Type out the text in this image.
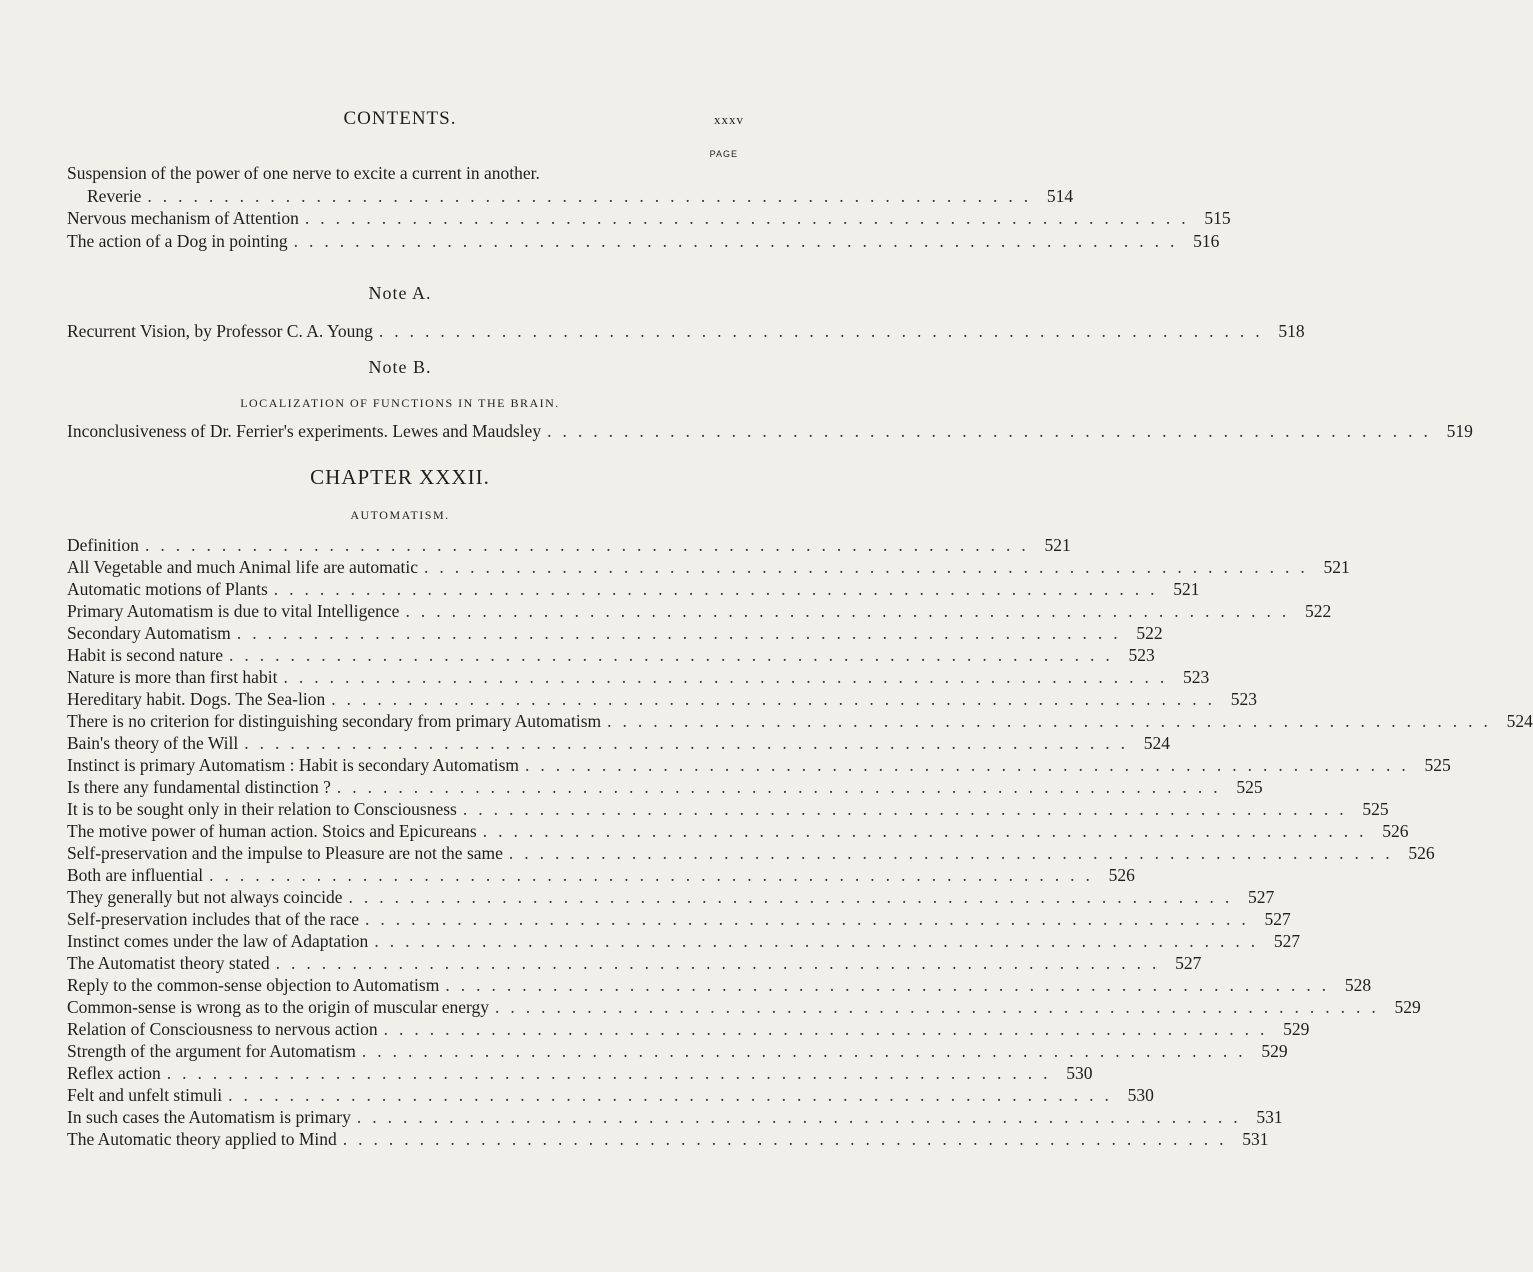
CONTENTS.	xxxv
PAGE
Suspension of the power of one nerve to excite a current in another.
Reverie .......................................................... 514
Nervous mechanism of Attention .......................................................... 515
The action of a Dog in pointing .......................................................... 516
Note A.
Recurrent Vision, by Professor C. A. Young .......................................................... 518
Note B.
LOCALIZATION OF FUNCTIONS IN THE BRAIN.
Inconclusiveness of Dr. Ferrier's experiments. Lewes and Maudsley .......................................................... 519
CHAPTER XXXII.
AUTOMATISM.
Definition .......................................................... 521
All Vegetable and much Animal life are automatic .......................................................... 521
Automatic motions of Plants .......................................................... 521
Primary Automatism is due to vital Intelligence .......................................................... 522
Secondary Automatism .......................................................... 522
Habit is second nature .......................................................... 523
Nature is more than first habit .......................................................... 523
Hereditary habit. Dogs. The Sea-lion .......................................................... 523
There is no criterion for distinguishing secondary from primary Automatism .......................................................... 524
Bain's theory of the Will .......................................................... 524
Instinct is primary Automatism : Habit is secondary Automatism .......................................................... 525
Is there any fundamental distinction ? .......................................................... 525
It is to be sought only in their relation to Consciousness .......................................................... 525
The motive power of human action. Stoics and Epicureans .......................................................... 526
Self-preservation and the impulse to Pleasure are not the same .......................................................... 526
Both are influential .......................................................... 526
They generally but not always coincide .......................................................... 527
Self-preservation includes that of the race .......................................................... 527
Instinct comes under the law of Adaptation .......................................................... 527
The Automatist theory stated .......................................................... 527
Reply to the common-sense objection to Automatism .......................................................... 528
Common-sense is wrong as to the origin of muscular energy .......................................................... 529
Relation of Consciousness to nervous action .......................................................... 529
Strength of the argument for Automatism .......................................................... 529
Reflex action .......................................................... 530
Felt and unfelt stimuli .......................................................... 530
In such cases the Automatism is primary .......................................................... 531
The Automatic theory applied to Mind .......................................................... 531
